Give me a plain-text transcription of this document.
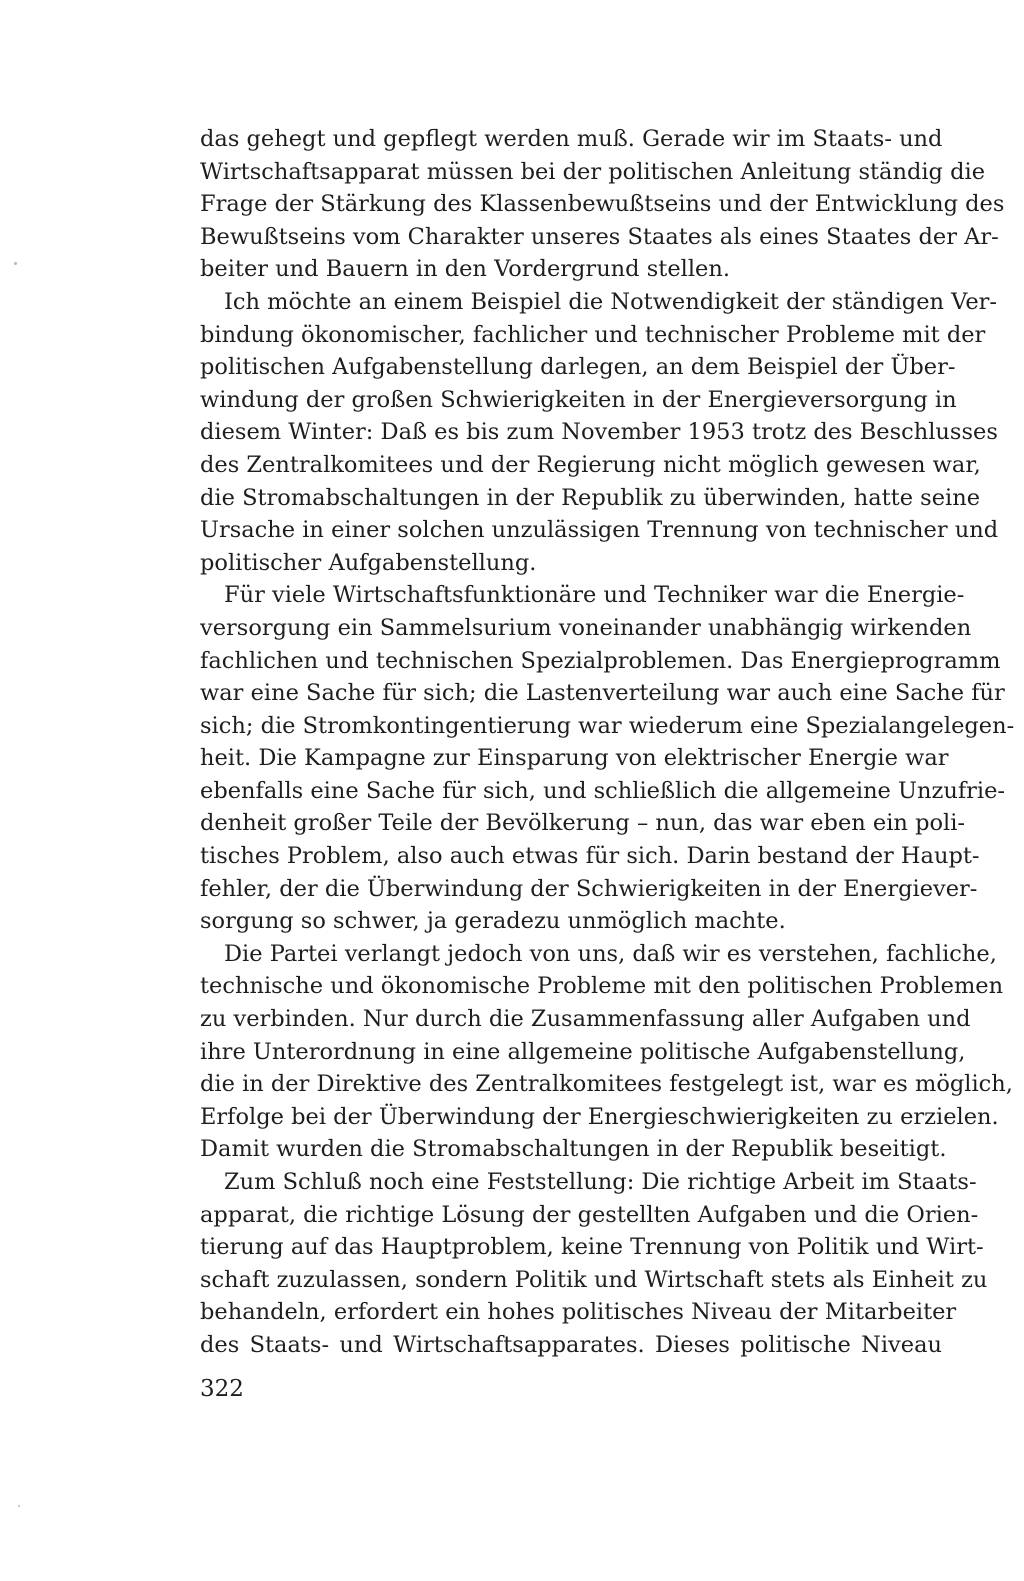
das gehegt und gepflegt werden muß. Gerade wir im Staats- und
Wirtschaftsapparat müssen bei der politischen Anleitung ständig die
Frage der Stärkung des Klassenbewußtseins und der Entwicklung des
Bewußtseins vom Charakter unseres Staates als eines Staates der Ar-
beiter und Bauern in den Vordergrund stellen.
Ich möchte an einem Beispiel die Notwendigkeit der ständigen Ver-
bindung ökonomischer, fachlicher und technischer Probleme mit der
politischen Aufgabenstellung darlegen, an dem Beispiel der Über-
windung der großen Schwierigkeiten in der Energieversorgung in
diesem Winter: Daß es bis zum November 1953 trotz des Beschlusses
des Zentralkomitees und der Regierung nicht möglich gewesen war,
die Stromabschaltungen in der Republik zu überwinden, hatte seine
Ursache in einer solchen unzulässigen Trennung von technischer und
politischer Aufgabenstellung.
Für viele Wirtschaftsfunktionäre und Techniker war die Energie-
versorgung ein Sammelsurium voneinander unabhängig wirkenden
fachlichen und technischen Spezialproblemen. Das Energieprogramm
war eine Sache für sich; die Lastenverteilung war auch eine Sache für
sich; die Stromkontingentierung war wiederum eine Spezialangelegen-
heit. Die Kampagne zur Einsparung von elektrischer Energie war
ebenfalls eine Sache für sich, und schließlich die allgemeine Unzufrie-
denheit großer Teile der Bevölkerung – nun, das war eben ein poli-
tisches Problem, also auch etwas für sich. Darin bestand der Haupt-
fehler, der die Überwindung der Schwierigkeiten in der Energiever-
sorgung so schwer, ja geradezu unmöglich machte.
Die Partei verlangt jedoch von uns, daß wir es verstehen, fachliche,
technische und ökonomische Probleme mit den politischen Problemen
zu verbinden. Nur durch die Zusammenfassung aller Aufgaben und
ihre Unterordnung in eine allgemeine politische Aufgabenstellung,
die in der Direktive des Zentralkomitees festgelegt ist, war es möglich,
Erfolge bei der Überwindung der Energieschwierigkeiten zu erzielen.
Damit wurden die Stromabschaltungen in der Republik beseitigt.
Zum Schluß noch eine Feststellung: Die richtige Arbeit im Staats-
apparat, die richtige Lösung der gestellten Aufgaben und die Orien-
tierung auf das Hauptproblem, keine Trennung von Politik und Wirt-
schaft zuzulassen, sondern Politik und Wirtschaft stets als Einheit zu
behandeln, erfordert ein hohes politisches Niveau der Mitarbeiter
des Staats- und Wirtschaftsapparates. Dieses politische Niveau
322
